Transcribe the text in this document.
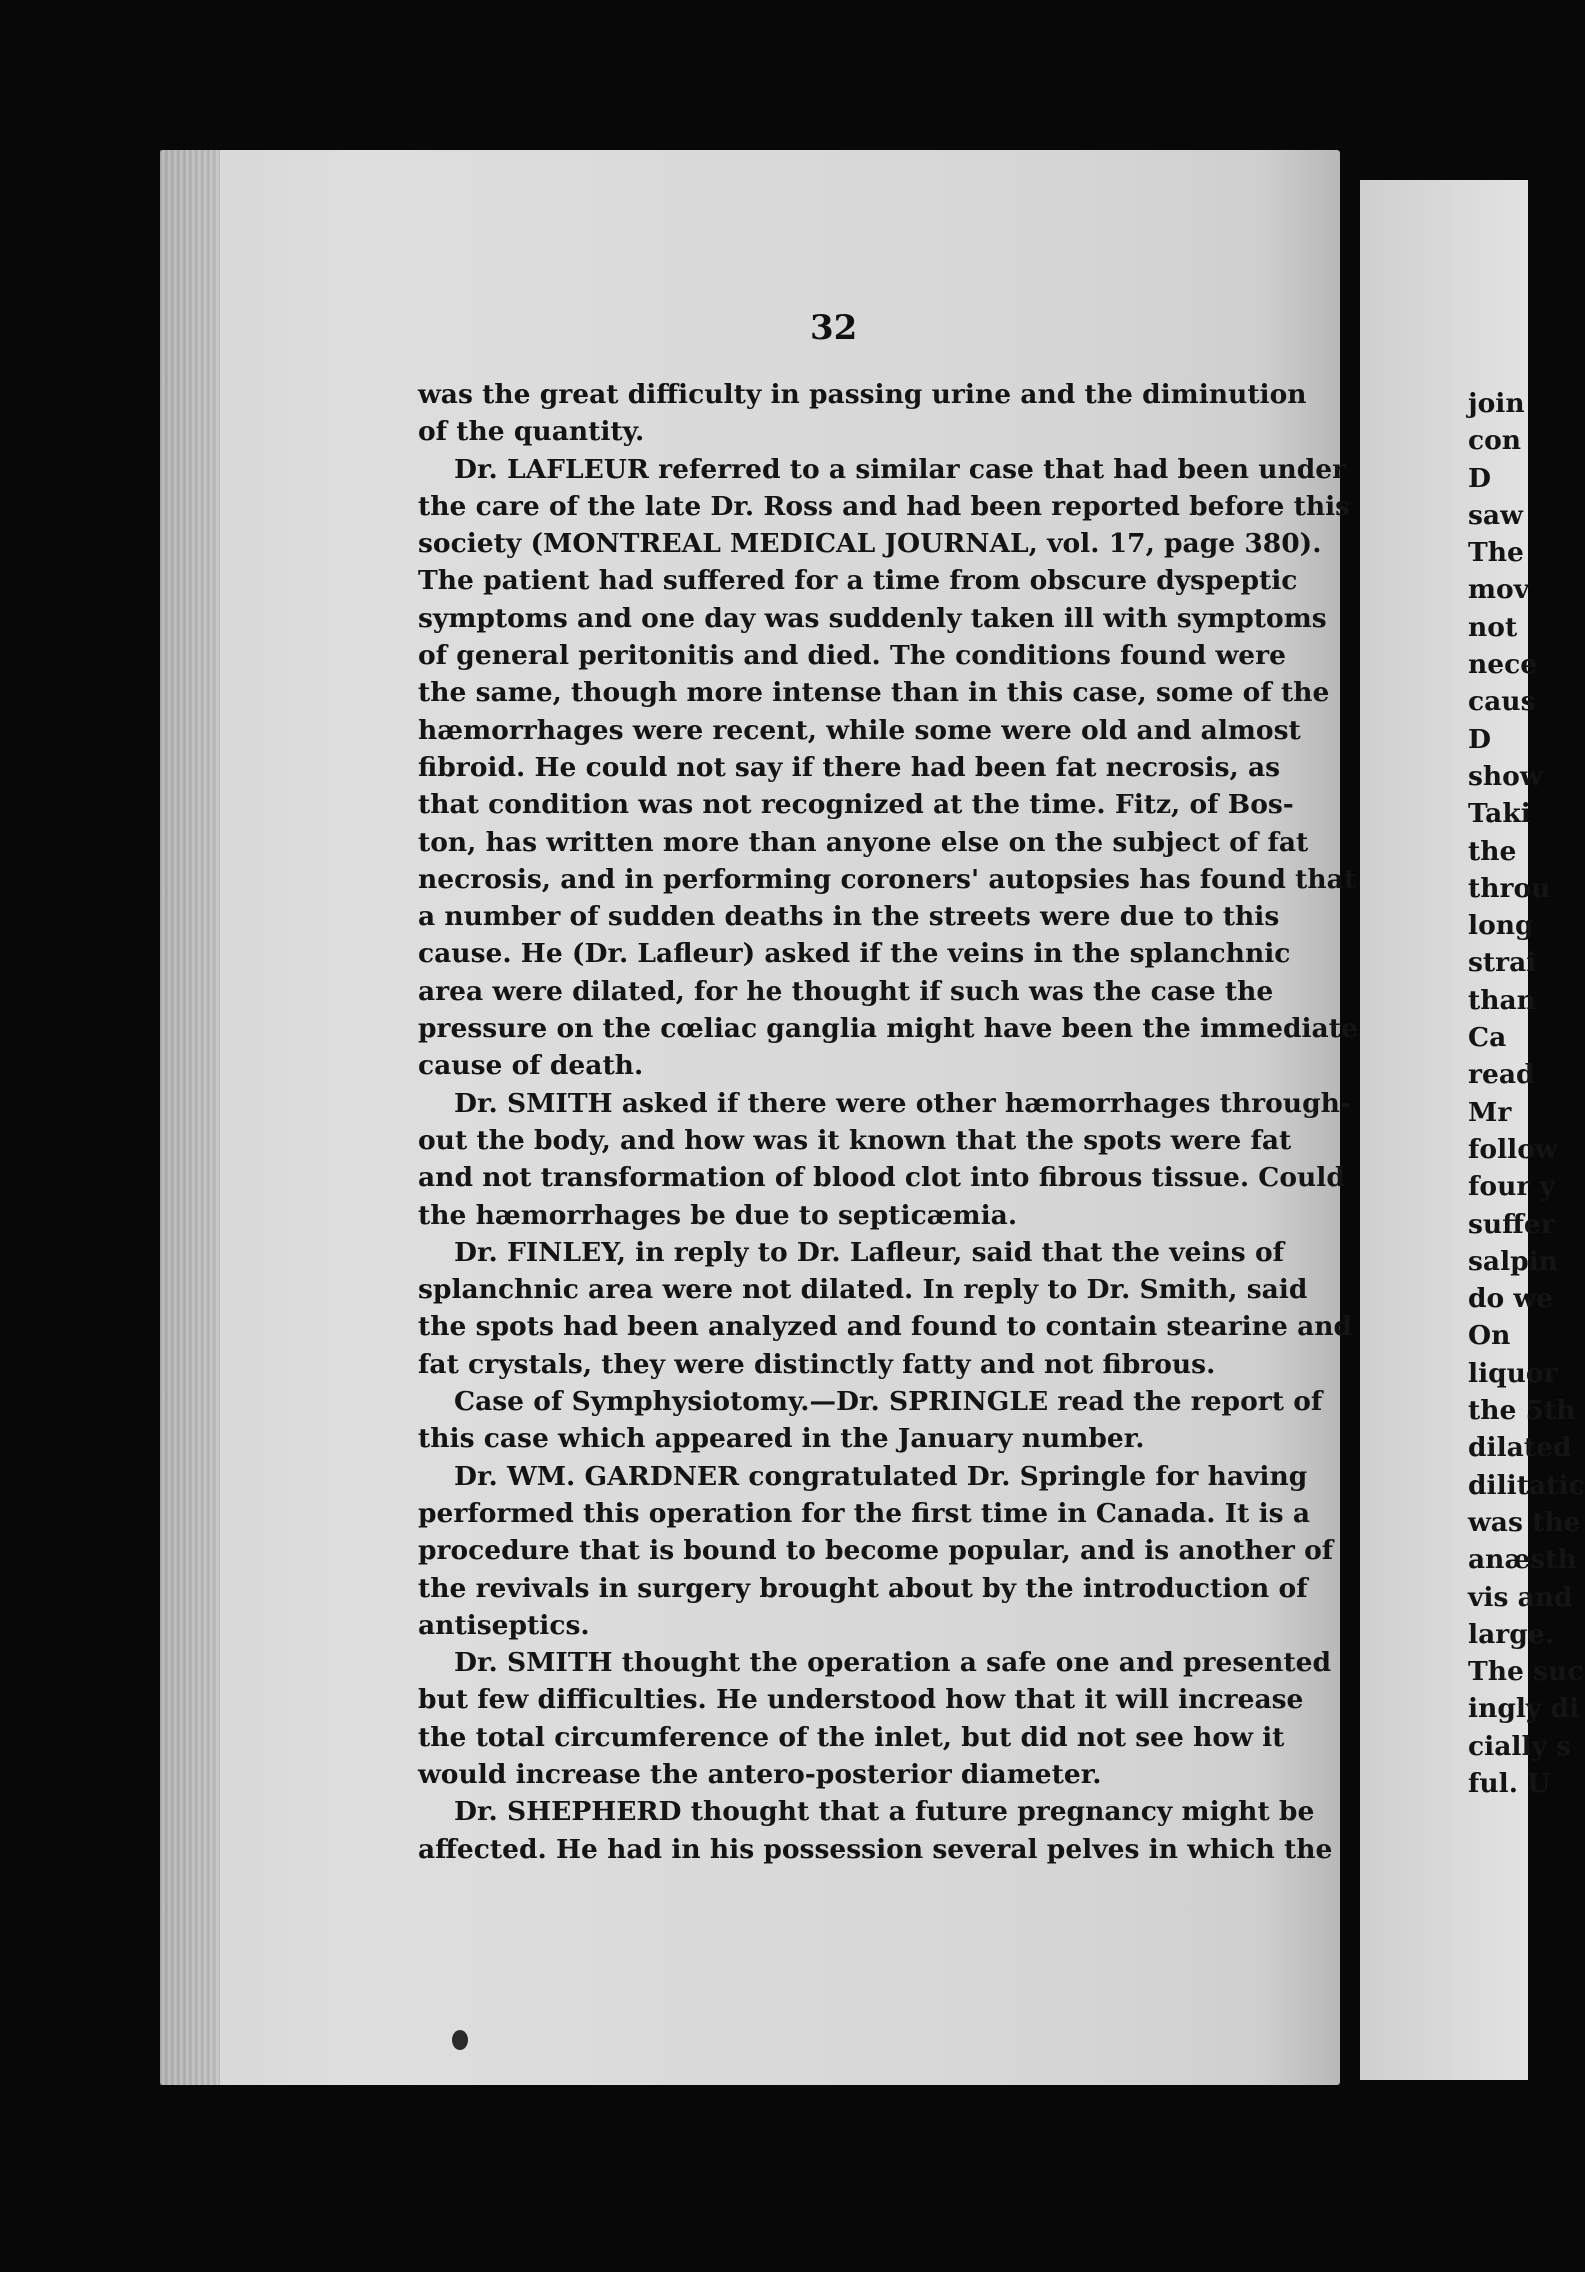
32
was the great difficulty in passing urine and the diminution
of the quantity.
Dr. LAFLEUR referred to a similar case that had been under
the care of the late Dr. Ross and had been reported before this
society (MONTREAL MEDICAL JOURNAL, vol. 17, page 380).
The patient had suffered for a time from obscure dyspeptic
symptoms and one day was suddenly taken ill with symptoms
of general peritonitis and died. The conditions found were
the same, though more intense than in this case, some of the
hæmorrhages were recent, while some were old and almost
fibroid. He could not say if there had been fat necrosis, as
that condition was not recognized at the time. Fitz, of Bos-
ton, has written more than anyone else on the subject of fat
necrosis, and in performing coroners' autopsies has found that
a number of sudden deaths in the streets were due to this
cause. He (Dr. Lafleur) asked if the veins in the splanchnic
area were dilated, for he thought if such was the case the
pressure on the cœliac ganglia might have been the immediate
cause of death.
Dr. SMITH asked if there were other hæmorrhages through-
out the body, and how was it known that the spots were fat
and not transformation of blood clot into fibrous tissue. Could
the hæmorrhages be due to septicæmia.
Dr. FINLEY, in reply to Dr. Lafleur, said that the veins of
splanchnic area were not dilated. In reply to Dr. Smith, said
the spots had been analyzed and found to contain stearine and
fat crystals, they were distinctly fatty and not fibrous.
Case of Symphysiotomy.—Dr. SPRINGLE read the report of
this case which appeared in the January number.
Dr. WM. GARDNER congratulated Dr. Springle for having
performed this operation for the first time in Canada. It is a
procedure that is bound to become popular, and is another of
the revivals in surgery brought about by the introduction of
antiseptics.
Dr. SMITH thought the operation a safe one and presented
but few difficulties. He understood how that it will increase
the total circumference of the inlet, but did not see how it
would increase the antero-posterior diameter.
Dr. SHEPHERD thought that a future pregnancy might be
affected. He had in his possession several pelves in which the
join
con
D
saw
The
mov
not
nece
caus
D
show
Taki
the
throu
long
strai
than
Ca
read
Mr
follow
four y
suffer
salpin
do we
On
liquor
the 5th
dilated
dilitatic
was the
anæsth
vis and
large.
The suc
ingly di
cially s
ful. U
